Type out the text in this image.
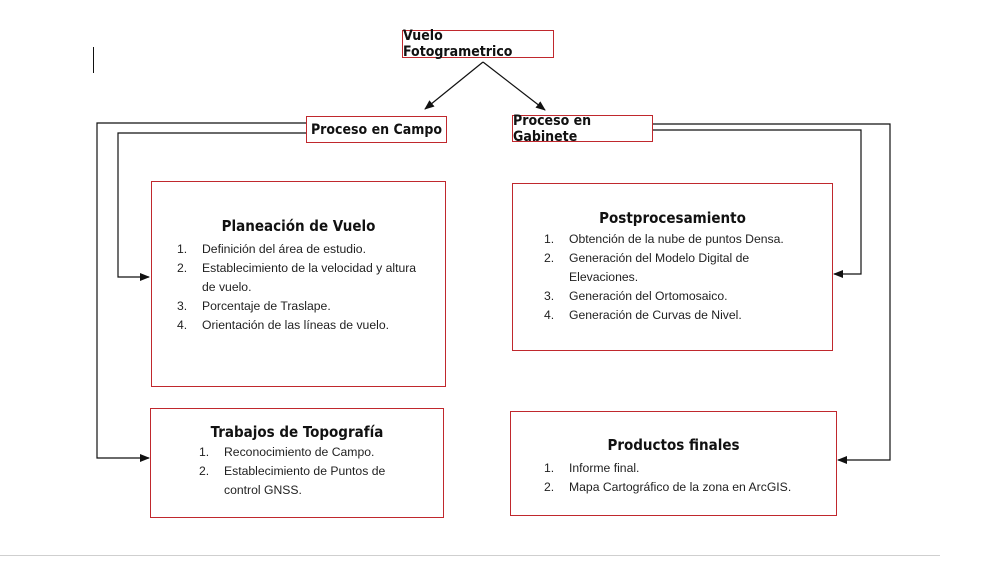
Vuelo Fotogrametrico
Proceso en Campo
Proceso en Gabinete
Planeación de Vuelo
1.	Definición del área de estudio.
2.	Establecimiento de la velocidad y altura de vuelo.
3.	Porcentaje de Traslape.
4.	Orientación de las líneas de vuelo.
Trabajos de Topografía
1.	Reconocimiento de Campo.
2.	Establecimiento de Puntos de control GNSS.
Postprocesamiento
1.	Obtención de la nube de puntos Densa.
2.	Generación del Modelo Digital de Elevaciones.
3.	Generación del Ortomosaico.
4.	Generación de Curvas de Nivel.
Productos finales
1.	Informe final.
2.	Mapa Cartográfico de la zona en ArcGIS.
